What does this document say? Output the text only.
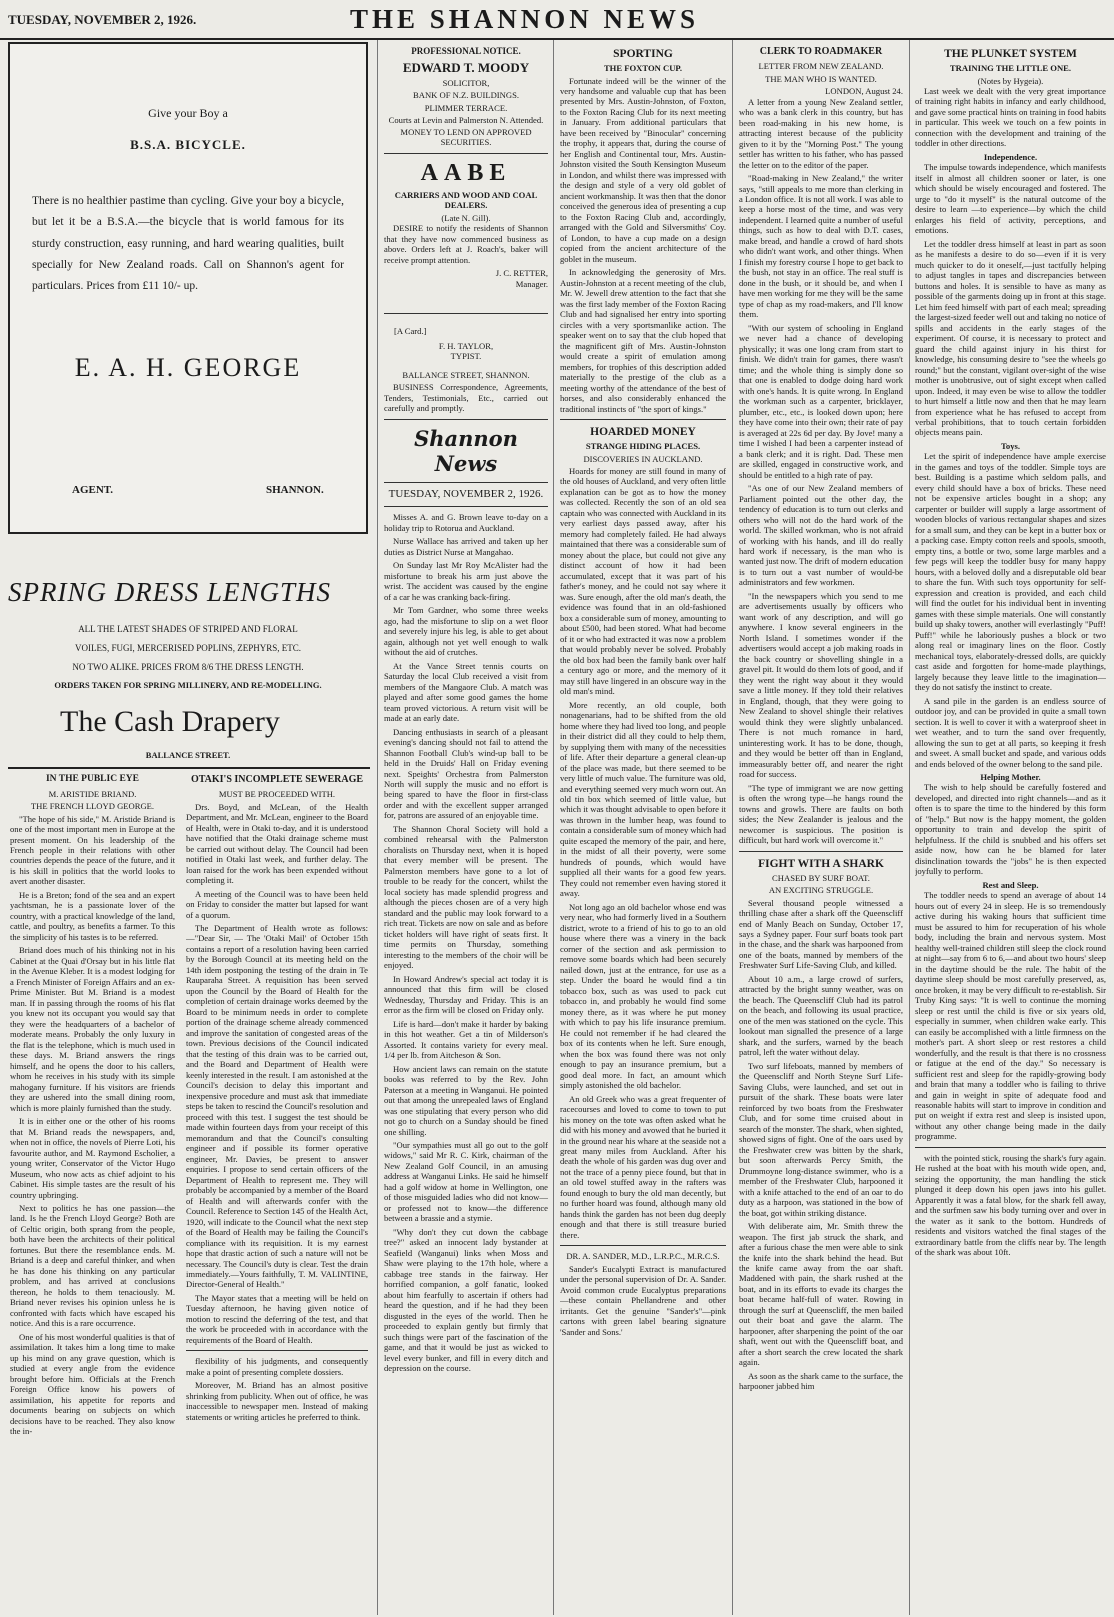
TUESDAY, NOVEMBER 2, 1926.	THE SHANNON NEWS
Give your Boy a
B.S.A. BICYCLE.
There is no healthier pastime than cycling. Give your boy a bicycle, but let it be a B.S.A.—the bicycle that is world famous for its sturdy construction, easy running, and hard wearing qualities, built specially for New Zealand roads. Call on Shannon's agent for particulars. Prices from £11 10/- up.
E. A. H. GEORGE
AGENT.	SHANNON.
SPRING DRESS LENGTHS
ALL THE LATEST SHADES OF STRIPED AND FLORAL
VOILES, FUGI, MERCERISED POPLINS, ZEPHYRS, ETC.
NO TWO ALIKE. PRICES FROM 8/6 THE DRESS LENGTH.
ORDERS TAKEN FOR SPRING MILLINERY, AND RE-MODELLING.
The Cash Drapery
BALLANCE STREET.
IN THE PUBLIC EYE
M. ARISTIDE BRIAND.
THE FRENCH LLOYD GEORGE.

"The hope of his side," M. Aristide Briand is one of the most important men in Europe at the present moment. On his leadership of the French people in their relations with other countries depends the peace of the future, and it is his skill in politics that the world looks to avert another disaster.

He is a Breton; fond of the sea and an expert yachtsman, he is a passionate lover of the country, with a practical knowledge of the land, cattle, and poultry, as benefits a farmer. To this the simplicity of his tastes is to be referred.

Briand does much of his thinking not in his Cabinet at the Quai d'Orsay but in his little flat in the Avenue Kleber. It is a modest lodging for a French Minister of Foreign Affairs and an ex-Prime Minister. But M. Briand is a modest man. If in passing through the rooms of his flat you knew not its occupant you would say that they were the headquarters of a bachelor of moderate means. Probably the only luxury in the flat is the telephone, which is much used in these days. M. Briand answers the rings himself, and he opens the door to his callers, whom he receives in his study with its simple mahogany furniture. If his visitors are friends they are ushered into the small dining room, which is more plainly furnished than the study.

It is in either one or the other of his rooms that M. Briand reads the newspapers, and, when not in office, the novels of Pierre Loti, his favourite author, and M. Raymond Escholier, a young writer, Conservator of the Victor Hugo Museum, who now acts as chief adjoint to his Cabinet. His simple tastes are the result of his country upbringing.

Next to politics he has one passion—the land. Is he the French Lloyd George? Both are of Celtic origin, both sprang from the people, both have been the architects of their political fortunes. But there the resemblance ends. M. Briand is a deep and careful thinker, and when he has done his thinking on any particular problem, and has arrived at conclusions thereon, he holds to them tenaciously. M. Briand never revises his opinion unless he is confronted with facts which have escaped his notice. And this is a rare occurrence.

One of his most wonderful qualities is that of assimilation. It takes him a long time to make up his mind on any grave question, which is studied at every angle from the evidence brought before him. Officials at the French Foreign Office know his powers of assimilation, his appetite for reports and documents bearing on subjects on which decisions have to be reached. They also know the in-

OTAKI'S INCOMPLETE SEWERAGE
MUST BE PROCEEDED WITH.

Drs. Boyd, and McLean, of the Health Department, and Mr. McLean, engineer to the Board of Health, were in Otaki to-day, and it is understood have notified that the Otaki drainage scheme must be carried out without delay. The Council had been notified in Otaki last week, and further delay. The loan raised for the work has been expended without completing it.

A meeting of the Council was to have been held on Friday to consider the matter but lapsed for want of a quorum.

The Department of Health wrote as follows:—"Dear Sir, — The 'Otaki Mail' of October 15th contains a report of a resolution having been carried by the Borough Council at its meeting held on the 14th idem postponing the testing of the drain in Te Rauparaha Street. A requisition has been served upon the Council by the Board of Health for the completion of certain drainage works deemed by the Board to be minimum needs in order to complete portion of the drainage scheme already commenced and improve the sanitation of congested areas of the town. Previous decisions of the Council indicated that the testing of this drain was to be carried out, and the Board and Department of Health were keenly interested in the result. I am astonished at the Council's decision to delay this important and inexpensive procedure and must ask that immediate steps be taken to rescind the Council's resolution and proceed with this test. I suggest the test should be made within fourteen days from your receipt of this memorandum and that the Council's consulting engineer and if possible its former operative engineer, Mr. Davies, be present to answer enquiries. I propose to send certain officers of the Department of Health to represent me. They will probably be accompanied by a member of the Board of Health and will afterwards confer with the Council. Reference to Section 145 of the Health Act, 1920, will indicate to the Council what the next step of the Board of Health may be failing the Council's compliance with its requisition. It is my earnest hope that drastic action of such a nature will not be necessary. The Council's duty is clear. Test the drain immediately.—Yours faithfully, T. M. VALINTINE, Director-General of Health."

The Mayor states that a meeting will be held on Tuesday afternoon, he having given notice of motion to rescind the deferring of the test, and that the work be proceeded with in accordance with the requirements of the Board of Health.

flexibility of his judgments, and consequently make a point of presenting complete dossiers.

Moreover, M. Briand has an almost positive shrinking from publicity. When out of office, he was inaccessible to newspaper men. Instead of making statements or writing articles he preferred to think.

PROFESSIONAL NOTICE.
EDWARD T. MOODY
SOLICITOR,
BANK OF N.Z. BUILDINGS.
PLIMMER TERRACE.
Courts at Levin and Palmerston N. Attended.
MONEY TO LEND ON APPROVED SECURITIES.
AABE
CARRIERS AND WOOD AND COAL DEALERS.
(Late N. Gill).

DESIRE to notify the residents of Shannon that they have now commenced business as above. Orders left at J. Roach's, baker will receive prompt attention.

J. C. RETTER,
Manager.
[A Card.]
F. H. TAYLOR,
TYPIST.
BALLANCE STREET, SHANNON.

BUSINESS Correspondence, Agreements, Tenders, Testimonials, Etc., carried out carefully and promptly.

Shannon News
TUESDAY, NOVEMBER 2, 1926.

Misses A. and G. Brown leave to-day on a holiday trip to Rotorua and Auckland.

Nurse Wallace has arrived and taken up her duties as District Nurse at Mangahao.

On Sunday last Mr Roy McAlister had the misfortune to break his arm just above the wrist. The accident was caused by the engine of a car he was cranking back-firing.

Mr Tom Gardner, who some three weeks ago, had the misfortune to slip on a wet floor and severely injure his leg, is able to get about again, although not yet well enough to walk without the aid of crutches.

At the Vance Street tennis courts on Saturday the local Club received a visit from members of the Mangaore Club. A match was played and after some good games the home team proved victorious. A return visit will be made at an early date.

Dancing enthusiasts in search of a pleasant evening's dancing should not fail to attend the Shannon Football Club's wind-up ball to be held in the Druids' Hall on Friday evening next. Speights' Orchestra from Palmerston North will supply the music and no effort is being spared to have the floor in first-class order and with the excellent supper arranged for, patrons are assured of an enjoyable time.

The Shannon Choral Society will hold a combined rehearsal with the Palmerston choralists on Thursday next, when it is hoped that every member will be present. The Palmerston members have gone to a lot of trouble to be ready for the concert, whilst the local society has made splendid progress and although the pieces chosen are of a very high standard and the public may look forward to a rich treat. Tickets are now on sale and as before ticket holders will have right of seats first. It time permits on Thursday, something interesting to the members of the choir will be enjoyed.

In Howard Andrew's special act today it is announced that this firm will be closed Wednesday, Thursday and Friday. This is an error as the firm will be closed on Friday only.

Life is hard—don't make it harder by baking in this hot weather. Get a tin of Milderson's Assorted. It contains variety for every meal. 1/4 per lb. from Aitcheson & Son.

How ancient laws can remain on the statute books was referred to by the Rev. John Paterson at a meeting in Wanganui. He pointed out that among the unrepealed laws of England was one stipulating that every person who did not go to church on a Sunday should be fined one shilling.

"Our sympathies must all go out to the golf widows," said Mr R. C. Kirk, chairman of the New Zealand Golf Council, in an amusing address at Wanganui Links. He said he himself had a golf widow at home in Wellington, one of those misguided ladies who did not know—or professed not to know—the difference between a brassie and a stymie.

"Why don't they cut down the cabbage tree?" asked an innocent lady bystander at Seafield (Wanganui) links when Moss and Shaw were playing to the 17th hole, where a cabbage tree stands in the fairway. Her horrified companion, a golf fanatic, looked about him fearfully to ascertain if others had heard the question, and if he had they been disgusted in the eyes of the world. Then he proceeded to explain gently but firmly that such things were part of the fascination of the game, and that it would be just as wicked to level every bunker, and fill in every ditch and depression on the course.

SPORTING
THE FOXTON CUP.

Fortunate indeed will be the winner of the very handsome and valuable cup that has been presented by Mrs. Austin-Johnston, of Foxton, to the Foxton Racing Club for its next meeting in January. From additional particulars that have been received by "Binocular" concerning the trophy, it appears that, during the course of her English and Continental tour, Mrs. Austin-Johnston visited the South Kensington Museum in London, and whilst there was impressed with the design and style of a very old goblet of ancient workmanship. It was then that the donor conceived the generous idea of presenting a cup to the Foxton Racing Club and, accordingly, arranged with the Gold and Silversmiths' Coy. of London, to have a cup made on a design copied from the ancient architecture of the goblet in the museum.

In acknowledging the generosity of Mrs. Austin-Johnston at a recent meeting of the club, Mr. W. Jewell drew attention to the fact that she was the first lady member of the Foxton Racing Club and had signalised her entry into sporting circles with a very sportsmanlike action. The speaker went on to say that the club hoped that the magnificent gift of Mrs. Austin-Johnston would create a spirit of emulation among members, for trophies of this description added materially to the prestige of the club as a meeting worthy of the attendance of the best of horses, and also considerably enhanced the traditional instincts of "the sport of kings."

HOARDED MONEY
STRANGE HIDING PLACES.
DISCOVERIES IN AUCKLAND.

Hoards for money are still found in many of the old houses of Auckland, and very often little explanation can be got as to how the money was collected. Recently the son of an old sea captain who was connected with Auckland in its very earliest days passed away, after his memory had completely failed. He had always maintained that there was a considerable sum of money about the place, but could not give any distinct account of how it had been accumulated, except that it was part of his father's money, and he could not say where it was. Sure enough, after the old man's death, the evidence was found that in an old-fashioned box a considerable sum of money, amounting to about £500, had been stored. What had become of it or who had extracted it was now a problem that would probably never be solved. Probably the old box had been the family bank over half a century ago or more, and the memory of it may still have lingered in an obscure way in the old man's mind.

More recently, an old couple, both nonagenarians, had to be shifted from the old home where they had lived too long, and people in their district did all they could to help them, by supplying them with many of the necessities of life. After their departure a general clean-up of the place was made, but there seemed to be very little of much value. The furniture was old, and everything seemed very much worn out. An old tin box which seemed of little value, but which it was thought advisable to open before it was thrown in the lumber heap, was found to contain a considerable sum of money which had quite escaped the memory of the pair, and here, in the midst of all their poverty, were some hundreds of pounds, which would have supplied all their wants for a good few years. They could not remember even having stored it away.

Not long ago an old bachelor whose end was very near, who had formerly lived in a Southern district, wrote to a friend of his to go to an old house where there was a vinery in the back corner of the section and ask permission to remove some boards which had been securely nailed down, just at the entrance, for use as a step. Under the board he would find a tin tobacco box, such as was used to pack cut tobacco in, and probably he would find some money there, as it was where he put money with which to pay his life insurance premium. He could not remember if he had cleared the box of its contents when he left. Sure enough, when the box was found there was not only enough to pay an insurance premium, but a good deal more. In fact, an amount which simply astonished the old bachelor.

An old Greek who was a great frequenter of racecourses and loved to come to town to put his money on the tote was often asked what he did with his money and avowed that he buried it in the ground near his whare at the seaside not a great many miles from Auckland. After his death the whole of his garden was dug over and not the trace of a penny piece found, but that in an old towel stuffed away in the rafters was found enough to bury the old man decently, but no further hoard was found, although many old hands think the garden has not been dug deeply enough and that there is still treasure buried there.

DR. A. SANDER, M.D., L.R.P.C., M.R.C.S.

Sander's Eucalypti Extract is manufactured under the personal supervision of Dr. A. Sander. Avoid common crude Eucalyptus preparations—these contain Phellandrene and other irritants. Get the genuine "Sander's"—pink cartons with green label bearing signature 'Sander and Sons.'

CLERK TO ROADMAKER
LETTER FROM NEW ZEALAND.
THE MAN WHO IS WANTED.
LONDON, August 24.

A letter from a young New Zealand settler, who was a bank clerk in this country, but has been road-making in his new home, is attracting interest because of the publicity given to it by the "Morning Post." The young settler has written to his father, who has passed the letter on to the editor of the paper.

"Road-making in New Zealand," the writer says, "still appeals to me more than clerking in a London office. It is not all work. I was able to keep a horse most of the time, and was very independent. I learned quite a number of useful things, such as how to deal with D.T. cases, make bread, and handle a crowd of hard shots who didn't want work, and other things. When I finish my forestry course I hope to get back to the bush, not stay in an office. The real stuff is done in the bush, or it should be, and when I have men working for me they will be the same type of chap as my road-makers, and I'll know them.

"With our system of schooling in England we never had a chance of developing physically; it was one long cram from start to finish. We didn't train for games, there wasn't time; and the whole thing is simply done so that one is enabled to dodge doing hard work with one's hands. It is quite wrong. In England the workman such as a carpenter, bricklayer, plumber, etc., etc., is looked down upon; here they have come into their own; their rate of pay is averaged at 22s 6d per day. By Jove! many a time I wished I had been a carpenter instead of a bank clerk; and it is right. Dad. These men are skilled, engaged in constructive work, and should be entitled to a high rate of pay.

"As one of our New Zealand members of Parliament pointed out the other day, the tendency of education is to turn out clerks and others who will not do the hard work of the world. The skilled workman, who is not afraid of working with his hands, and ill do really hard work if necessary, is the man who is wanted just now. The drift of modern education is to turn out a vast number of would-be administrators and few workmen.

"In the newspapers which you send to me are advertisements usually by officers who want work of any description, and will go anywhere. I know several engineers in the North Island. I sometimes wonder if the advertisers would accept a job making roads in the back country or shovelling shingle in a gravel pit. It would do them lots of good, and if they went the right way about it they would save a little money. If they told their relatives in England, though, that they were going to New Zealand to shovel shingle their relatives would think they were slightly unbalanced. There is not much romance in hard, uninteresting work. It has to be done, though, and they would be better off than in England, immeasurably better off, and nearer the right road for success.

"The type of immigrant we are now getting is often the wrong type—he hangs round the towns and growls. There are faults on both sides; the New Zealander is jealous and the newcomer is suspicious. The position is difficult, but hard work will overcome it."

FIGHT WITH A SHARK
CHASED BY SURF BOAT.
AN EXCITING STRUGGLE.

Several thousand people witnessed a thrilling chase after a shark off the Queenscliff end of Manly Beach on Sunday, October 17, says a Sydney paper. Four surf boats took part in the chase, and the shark was harpooned from one of the boats, manned by members of the Freshwater Surf Life-Saving Club, and killed.

About 10 a.m., a large crowd of surfers, attracted by the bright sunny weather, was on the beach. The Queenscliff Club had its patrol on the beach, and following its usual practice, one of the men was stationed on the cycle. This lookout man signalled the presence of a large shark, and the surfers, warned by the beach patrol, left the water without delay.

Two surf lifeboats, manned by members of the Queenscliff and North Steyne Surf Life-Saving Clubs, were launched, and set out in pursuit of the shark. These boats were later reinforced by two boats from the Freshwater Club, and for some time cruised about in search of the monster. The shark, when sighted, showed signs of fight. One of the oars used by the Freshwater crew was bitten by the shark, but soon afterwards Percy Smith, the Drummoyne long-distance swimmer, who is a member of the Freshwater Club, harpooned it with a knife attached to the end of an oar to do duty as a harpoon, was stationed in the bow of the boat, got within striking distance.

With deliberate aim, Mr. Smith threw the weapon. The first jab struck the shark, and after a furious chase the men were able to sink the knife into the shark behind the head. But the knife came away from the oar shaft. Maddened with pain, the shark rushed at the boat, and in its efforts to evade its charges the boat became half-full of water. Rowing in through the surf at Queenscliff, the men bailed out their boat and gave the alarm. The harpooner, after sharpening the point of the oar shaft, went out with the Queenscliff boat, and after a short search the crew located the shark again.

As soon as the shark came to the surface, the harpooner jabbed him

THE PLUNKET SYSTEM
TRAINING THE LITTLE ONE.
(Notes by Hygeia).

Last week we dealt with the very great importance of training right habits in infancy and early childhood, and gave some practical hints on training in food habits in particular. This week we touch on a few points in connection with the development and training of the toddler in other directions.

Independence.

The impulse towards independence, which manifests itself in almost all children sooner or later, is one which should be wisely encouraged and fostered. The urge to "do it myself" is the natural outcome of the desire to learn —to experience—by which the child enlarges his field of activity, perceptions, and emotions.

Let the toddler dress himself at least in part as soon as he manifests a desire to do so—even if it is very much quicker to do it oneself,—just tactfully helping to adjust tangles in tapes and discrepancies between buttons and holes. It is sensible to have as many as possible of the garments doing up in front at this stage. Let him feed himself with part of each meal; spreading the largest-sized feeder well out and taking no notice of spills and accidents in the early stages of the experiment. Of course, it is necessary to protect and guard the child against injury in his thirst for knowledge, his consuming desire to "see the wheels go round;" but the constant, vigilant over-sight of the wise mother is unobtrusive, out of sight except when called upon. Indeed, it may even be wise to allow the toddler to hurt himself a little now and then that he may learn from experience what he has refused to accept from verbal prohibitions, that to touch certain forbidden objects means pain.

Toys.

Let the spirit of independence have ample exercise in the games and toys of the toddler. Simple toys are best. Building is a pastime which seldom palls, and every child should have a box of bricks. These need not be expensive articles bought in a shop; any carpenter or builder will supply a large assortment of wooden blocks of various rectangular shapes and sizes for a small sum, and they can be kept in a butter box or a packing case. Empty cotton reels and spools, smooth, empty tins, a bottle or two, some large marbles and a few pegs will keep the toddler busy for many happy hours, with a beloved dolly and a disreputable old bear to share the fun. With such toys opportunity for self-expression and creation is provided, and each child will find the outlet for his individual bent in inventing games with these simple materials. One will constantly build up shaky towers, another will everlastingly "Puff! Puff!" while he laboriously pushes a block or two along real or imaginary lines on the floor. Costly mechanical toys, elaborately-dressed dolls, are quickly cast aside and forgotten for home-made playthings, largely because they leave little to the imagination—they do not satisfy the instinct to create.

A sand pile in the garden is an endless source of outdoor joy, and can be provided in quite a small town section. It is well to cover it with a waterproof sheet in wet weather, and to turn the sand over frequently, allowing the sun to get at all parts, so keeping it fresh and sweet. A small bucket and spade, and various odds and ends beloved of the owner belong to the sand pile.

Helping Mother.

The wish to help should be carefully fostered and developed, and directed into right channels—and as it often is to spare the time to the hindered by this form of "help." But now is the happy moment, the golden opportunity to train and develop the spirit of helpfulness. If the child is snubbed and his offers set aside now, how can he be blamed for later disinclination towards the "jobs" he is then expected joyfully to perform.

Rest and Sleep.

The toddler needs to spend an average of about 14 hours out of every 24 in sleep. He is so tremendously active during his waking hours that sufficient time must be assured to him for recuperation of his whole body, including the brain and nervous system. Most healthy well-trained children still sleep the clock round at night—say from 6 to 6,—and about two hours' sleep in the daytime should be the rule. The habit of the daytime sleep should be most carefully preserved, as, once broken, it may be very difficult to re-establish. Sir Truby King says: "It is well to continue the morning sleep or rest until the child is five or six years old, especially in summer, when children wake early. This can easily be accomplished with a little firmness on the mother's part. A short sleep or rest restores a child wonderfully, and the result is that there is no crossness or fatigue at the end of the day." So necessary is sufficient rest and sleep for the rapidly-growing body and brain that many a toddler who is failing to thrive and gain in weight in spite of adequate food and reasonable habits will start to improve in condition and put on weight if extra rest and sleep is insisted upon, without any other change being made in the daily programme.

with the pointed stick, rousing the shark's fury again. He rushed at the boat with his mouth wide open, and, seizing the opportunity, the man handling the stick plunged it deep down his open jaws into his gullet. Apparently it was a fatal blow, for the shark fell away, and the surfmen saw his body turning over and over in the water as it sank to the bottom. Hundreds of residents and visitors watched the final stages of the extraordinary battle from the cliffs near by. The length of the shark was about 10ft.
